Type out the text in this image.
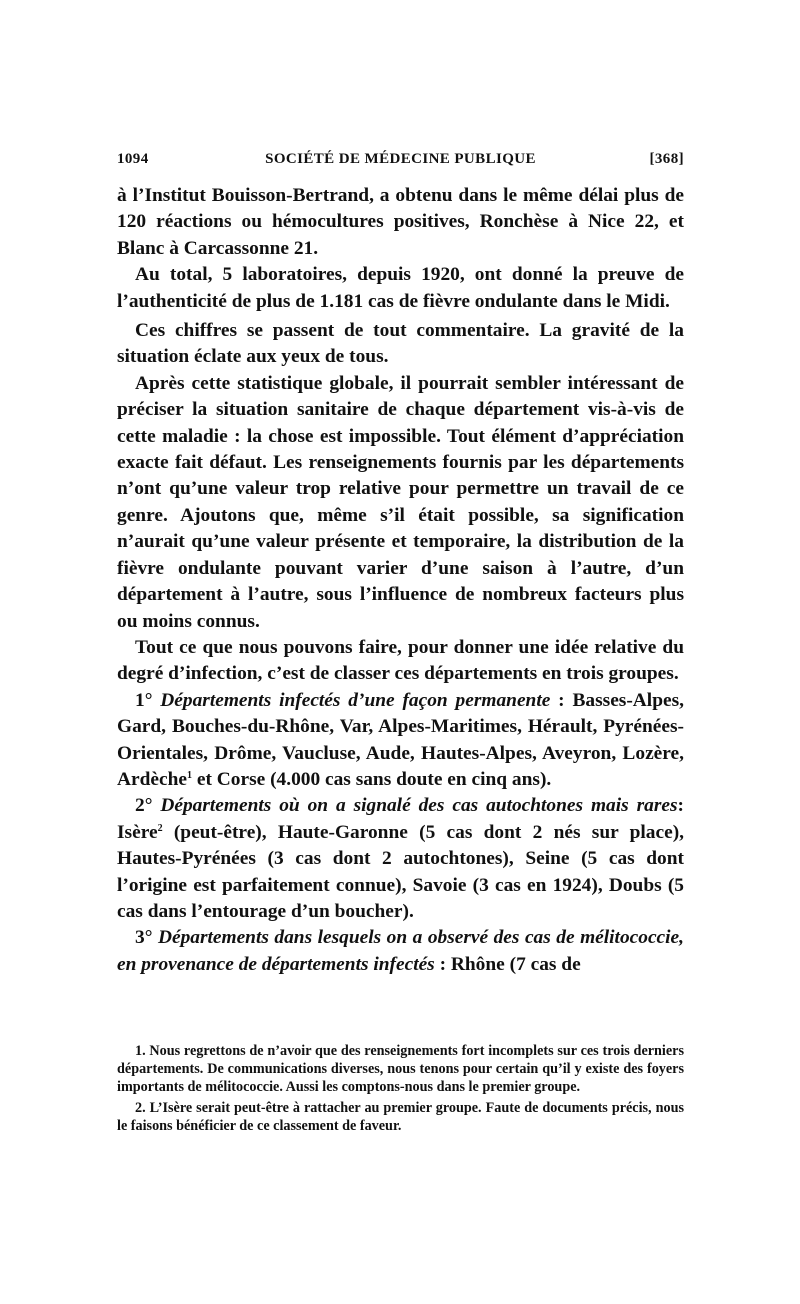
1094	SOCIÉTÉ DE MÉDECINE PUBLIQUE	[368]

à l’Institut Bouisson-Bertrand, a obtenu dans le même délai plus de 120 réactions ou hémocultures positives, Ronchèse à Nice 22, et Blanc à Carcassonne 21.

Au total, 5 laboratoires, depuis 1920, ont donné la preuve de l’authenticité de plus de 1.181 cas de fièvre ondulante dans le Midi.

Ces chiffres se passent de tout commentaire. La gravité de la situation éclate aux yeux de tous.

Après cette statistique globale, il pourrait sembler intéressant de préciser la situation sanitaire de chaque département vis-à-vis de cette maladie : la chose est impossible. Tout élément d’appréciation exacte fait défaut. Les renseignements fournis par les départements n’ont qu’une valeur trop relative pour permettre un travail de ce genre. Ajoutons que, même s’il était possible, sa signification n’aurait qu’une valeur présente et temporaire, la distribution de la fièvre ondulante pouvant varier d’une saison à l’autre, d’un département à l’autre, sous l’influence de nombreux facteurs plus ou moins connus.

Tout ce que nous pouvons faire, pour donner une idée relative du degré d’infection, c’est de classer ces départements en trois groupes.

1° Départements infectés d’une façon permanente : Basses-Alpes, Gard, Bouches-du-Rhône, Var, Alpes-Maritimes, Hérault, Pyrénées-Orientales, Drôme, Vaucluse, Aude, Hautes-Alpes, Aveyron, Lozère, Ardèche$^1$ et Corse (4.000 cas sans doute en cinq ans).

2° Départements où on a signalé des cas autochtones mais rares: Isère$^2$ (peut-être), Haute-Garonne (5 cas dont 2 nés sur place), Hautes-Pyrénées (3 cas dont 2 autochtones), Seine (5 cas dont l’origine est parfaitement connue), Savoie (3 cas en 1924), Doubs (5 cas dans l’entourage d’un boucher).

3° Départements dans lesquels on a observé des cas de mélitococcie, en provenance de départements infectés : Rhône (7 cas de

1. Nous regrettons de n’avoir que des renseignements fort incomplets sur ces trois derniers départements. De communications diverses, nous tenons pour certain qu’il y existe des foyers importants de mélitococcie. Aussi les comptons-nous dans le premier groupe.

2. L’Isère serait peut-être à rattacher au premier groupe. Faute de documents précis, nous le faisons bénéficier de ce classement de faveur.
